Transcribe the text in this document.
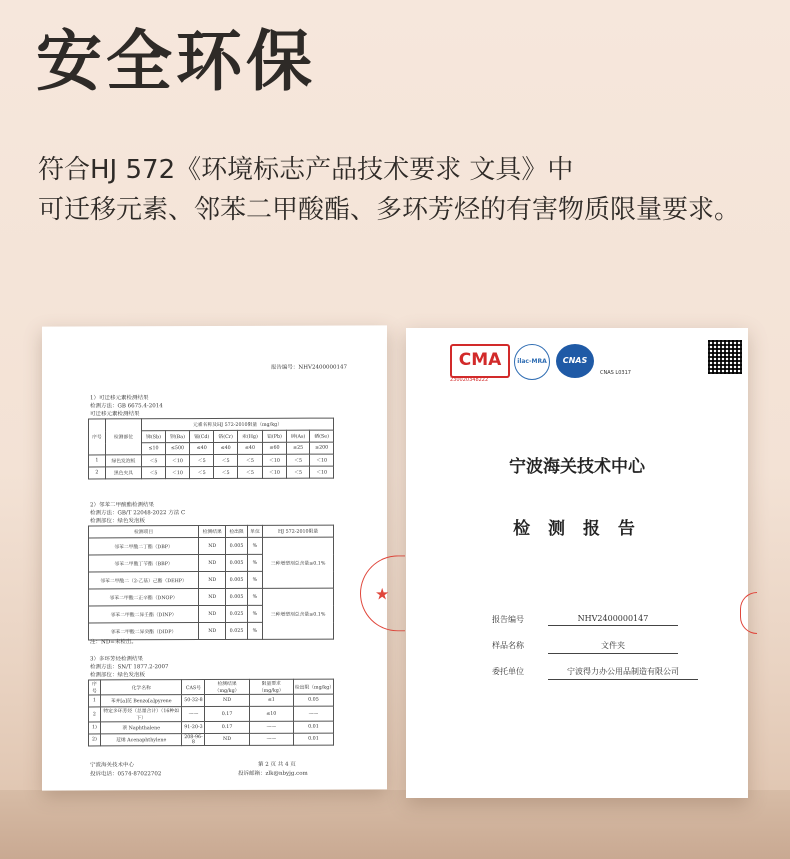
安全环保
符合HJ 572《环境标志产品技术要求 文具》中
可迁移元素、邻苯二甲酸酯、多环芳烃的有害物质限量要求。
报告编号：NHV2400000147
1）可迁移元素检测结果
检测方法：GB 6675.4-2014
可迁移元素检测结果
序号	检测部位	元素名称及HJ 572-2010限量（mg/kg）							
		锑(Sb)	钡(Ba)	镉(Cd)	铬(Cr)	汞(Hg)	铅(Pb)	砷(As)	硒(Se)
		≤10	≤500	≤40	≤40	≤40	≤60	≤25	≤200
1	绿色发泡板	＜5	＜10	＜5	＜5	＜5	＜10	＜5	＜10
2	黑色夹具	＜5	＜10	＜5	＜5	＜5	＜10	＜5	＜10
2）邻苯二甲酸酯检测结果
检测方法：GB/T 22048-2022 方法 C
检测部位：绿色发泡板
检测项目	检测结果	检出限	单位	HJ 572-2010限量
邻苯二甲酸二丁酯（DBP）	ND	0.005	%	三种增塑剂总含量≤0.1%
邻苯二甲酸丁苄酯（BBP）	ND	0.005	%	
邻苯二甲酸二（2-乙基）己酯（DEHP）	ND	0.005	%	
邻苯二甲酸二正辛酯（DNOP）	ND	0.005	%	三种增塑剂总含量≤0.1%
邻苯二甲酸二异壬酯（DINP）	ND	0.025	%	
邻苯二甲酸二异癸酯（DIDP）	ND	0.025	%	
注：ND=未检出。
3）多环芳烃检测结果
检测方法：SN/T 1877.2-2007
检测部位：绿色发泡板
序号	化学名称	CAS号	检测结果（mg/kg）	限量要求（mg/kg）	检出限（mg/kg）
1	苯并[a]芘 Benzo[a]pyrene	50-32-8	ND	≤1	0.05
2	特定多环芳烃（总量合计）（16种如下）	——	0.17	≤10	——
1)	萘 Naphthalene	91-20-3	0.17	——	0.01
2)	苊烯 Acenaphthylene	208-96-8	ND	——	0.01
宁波海关技术中心	第 2 页 共 4 页
投诉电话：0574-87022702	投诉邮箱：zlk@nbyjg.com
★
CMA
230020348222
ilac-MRA	CNAS
CNAS L0317
宁波海关技术中心
检 测 报 告
报告编号	NHV2400000147
样品名称	文件夹
委托单位	宁波得力办公用品制造有限公司
